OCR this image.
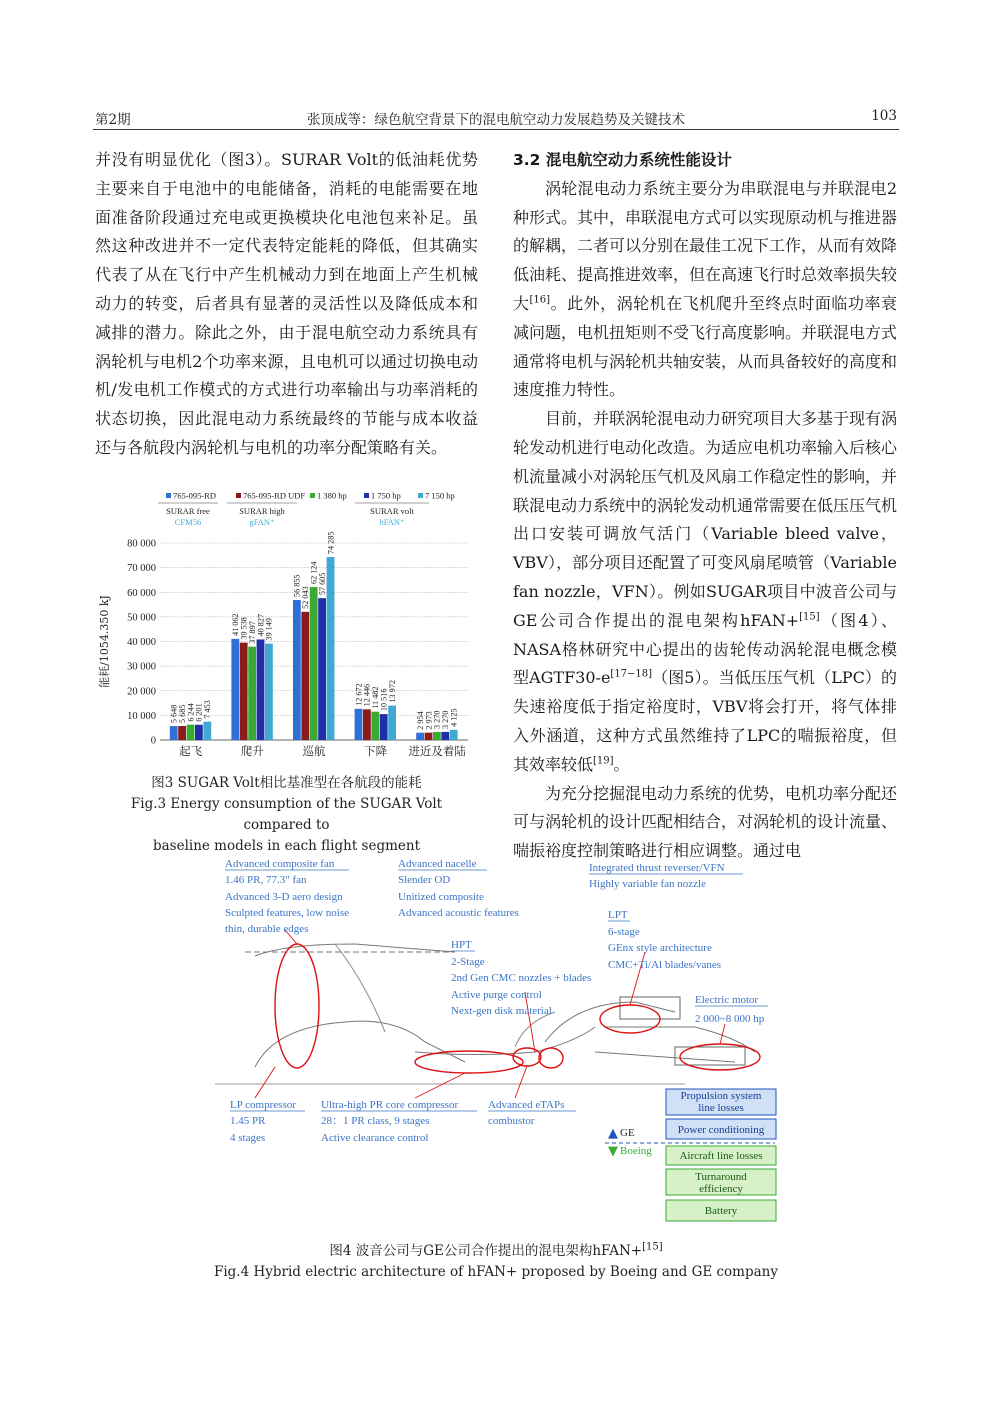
第2期	张顶成等：绿色航空背景下的混电航空动力发展趋势及关键技术	103

并没有明显优化（图3）。SURAR Volt的低油耗优势主要来自于电池中的电能储备，消耗的电能需要在地面准备阶段通过充电或更换模块化电池包来补足。虽然这种改进并不一定代表特定能耗的降低，但其确实代表了从在飞行中产生机械动力到在地面上产生机械动力的转变，后者具有显著的灵活性以及降低成本和减排的潜力。除此之外，由于混电航空动力系统具有涡轮机与电机2个功率来源，且电机可以通过切换电动机/发电机工作模式的方式进行功率输出与功率消耗的状态切换，因此混电动力系统最终的节能与成本收益还与各航段内涡轮机与电机的功率分配策略有关。

0
10 000
20 000
30 000
40 000
50 000
60 000
70 000
80 000
能耗/1054.350 kJ
5 648 5 685 6 244 6 201 7 453
起飞
41 062 39 538 37 897 40 827 39 149
爬升
56 855
52 043
62 124 57 605
74 285
巡航
12 672 12 446 11 482 10 516 13 972
下降
2 954 2 973 3 270 3 270 4 125
进近及着陆
765-095-RD	765-095-RD UDF 1 380 hp	1 750 hp	7 150 hp
SURAR free
CFM56
SURAR high
gFAN⁺
SURAR volt
hFAN⁺
图3 SUGAR Volt相比基准型在各航段的能耗
Fig.3 Energy consumption of the SUGAR Volt compared to
baseline models in each flight segment

3.2 混电航空动力系统性能设计

涡轮混电动力系统主要分为串联混电与并联混电2种形式。其中，串联混电方式可以实现原动机与推进器的解耦，二者可以分别在最佳工况下工作，从而有效降低油耗、提高推进效率，但在高速飞行时总效率损失较大[16]。此外，涡轮机在飞机爬升至终点时面临功率衰减问题，电机扭矩则不受飞行高度影响。并联混电方式通常将电机与涡轮机共轴安装，从而具备较好的高度和速度推力特性。

目前，并联涡轮混电动力研究项目大多基于现有涡轮发动机进行电动化改造。为适应电机功率输入后核心机流量减小对涡轮压气机及风扇工作稳定性的影响，并联混电动力系统中的涡轮发动机通常需要在低压压气机出口安装可调放气活门（Variable bleed valve，VBV），部分项目还配置了可变风扇尾喷管（Variable fan nozzle，VFN）。例如SUGAR项目中波音公司与GE公司合作提出的混电架构hFAN+[15]（图4）、NASA格林研究中心提出的齿轮传动涡轮混电概念模型AGTF30-e[17−18]（图5）。当低压压气机（LPC）的失速裕度低于指定裕度时，VBV将会打开，将气体排入外涵道，这种方式虽然维持了LPC的喘振裕度，但其效率较低[19]。

为充分挖掘混电动力系统的优势，电机功率分配还可与涡轮机的设计匹配相结合，对涡轮机的设计流量、喘振裕度控制策略进行相应调整。通过电

Advanced composite fan
1.46 PR, 77.3" fan
Advanced 3-D aero design
Sculpted features, low noise
thin, durable edges
Advanced nacelle
Slender OD
Unitized composite
Advanced acoustic features
Integrated thrust reverser/VFN
Highly variable fan nozzle
LPT
6-stage
GEnx style architecture
CMC+Ti/Al blades/vanes
HPT
2-Stage
2nd Gen CMC nozzles + blades
Active purge control
Next-gen disk material
Electric motor
2 000~8 000 hp
LP compressor
1.45 PR
4 stages
Ultra-high PR core compressor
28：1 PR class, 9 stages
Active clearance control
Advanced eTAPs
combustor
▲ GE
▼ Boeing
Propulsion system
line losses
Power conditioning
Aircraft line losses
Turnaround
efficiency
Battery
图4 波音公司与GE公司合作提出的混电架构hFAN+[15]
Fig.4 Hybrid electric architecture of hFAN+ proposed by Boeing and GE company
